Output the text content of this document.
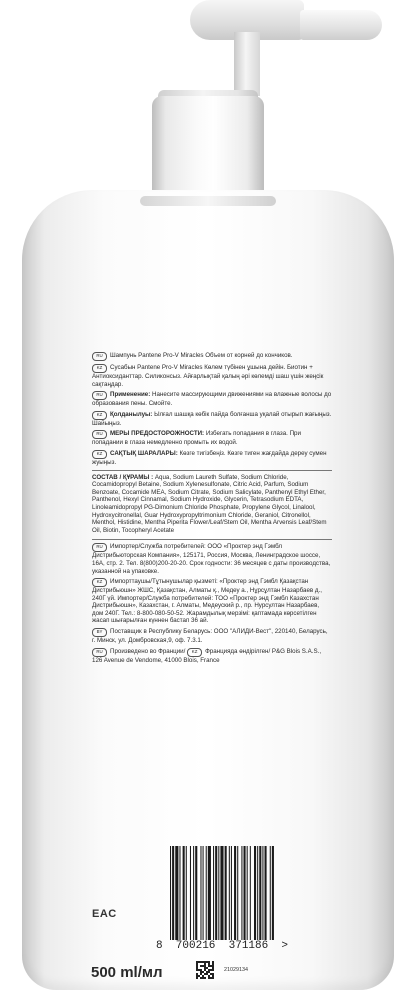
RU Шампунь Pantene Pro-V Miracles Объем от корней до кончиков.

KZ Сусабын Pantene Pro-V Miracles Көлем түбінен ұшына дейін. Биотин + Антиоксиданттар. Силиконсыз. Айғарлықтай қалың әрі көлемді шаш үшін жеңсік сақтаңдар.

RU Применение: Нанесите массирующими движениями на влажные волосы до образования пены. Смойте.

KZ Қолданылуы: Ылғал шашқа көбік пайда болғанша уқалай отырып жағыңыз. Шайыңыз.

RU МЕРЫ ПРЕДОСТОРОЖНОСТИ: Избегать попадания в глаза. При попадании в глаза немедленно промыть их водой.

KZ САҚТЫҚ ШАРАЛАРЫ: Көзге тигізбеңіз. Көзге тиген жағдайда дереу сумен жуыңыз.

СОСТАВ / ҚҰРАМЫ : Aqua, Sodium Laureth Sulfate, Sodium Chloride, Cocamidopropyl Betaine, Sodium Xylenesulfonate, Citric Acid, Parfum, Sodium Benzoate, Cocamide MEA, Sodium Citrate, Sodium Salicylate, Panthenyl Ethyl Ether, Panthenol, Hexyl Cinnamal, Sodium Hydroxide, Glycerin, Tetrasodium EDTA, Linoleamidopropyl PG-Dimonium Chloride Phosphate, Propylene Glycol, Linalool, Hydroxycitronellal, Guar Hydroxypropyltrimonium Chloride, Geraniol, Citronellol, Menthol, Histidine, Mentha Piperita Flower/Leaf/Stem Oil, Mentha Arvensis Leaf/Stem Oil, Biotin, Tocopheryl Acetate

RU Импортер/Служба потребителей: ООО «Проктер энд Гэмбл Дистрибьюторская Компания», 125171, Россия, Москва, Ленинградское шоссе, 16А, стр. 2. Тел. 8(800)200-20-20. Срок годности: 36 месяцев с даты производства, указанной на упаковке.

KZ Импорттаушы/Тұтынушылар қызметі: «Проктер энд Гэмбл Қазақстан Дистрибьюшн» ЖШС, Қазақстан, Алматы қ., Медеу а., Нұрсұлтан Назарбаев д., 240Г үй. Импортер/Служба потребителей: ТОО «Проктер энд Гэмбл Казахстан Дистрибьюшн», Казахстан, г. Алматы, Медеуский р., пр. Нурсултан Назарбаев, дом 240Г. Тел.: 8-800-080-50-52. Жарамдылық мерзімі: қаптамада көрсетілген жасап шығарылған күннен бастап 36 ай.

BY Поставщик в Республику Беларусь: ООО "АЛИДИ-Вест", 220140, Беларусь, г. Минск, ул. Домбровская,9, оф. 7.3.1.

RU Произведено во Франции/ KZ Францияда өндірілген/ P&G Blois S.A.S., 126 Avenue de Vendome, 41000 Blois, France

EAC
8  700216  371186  >
500 ml/мл	21029134
